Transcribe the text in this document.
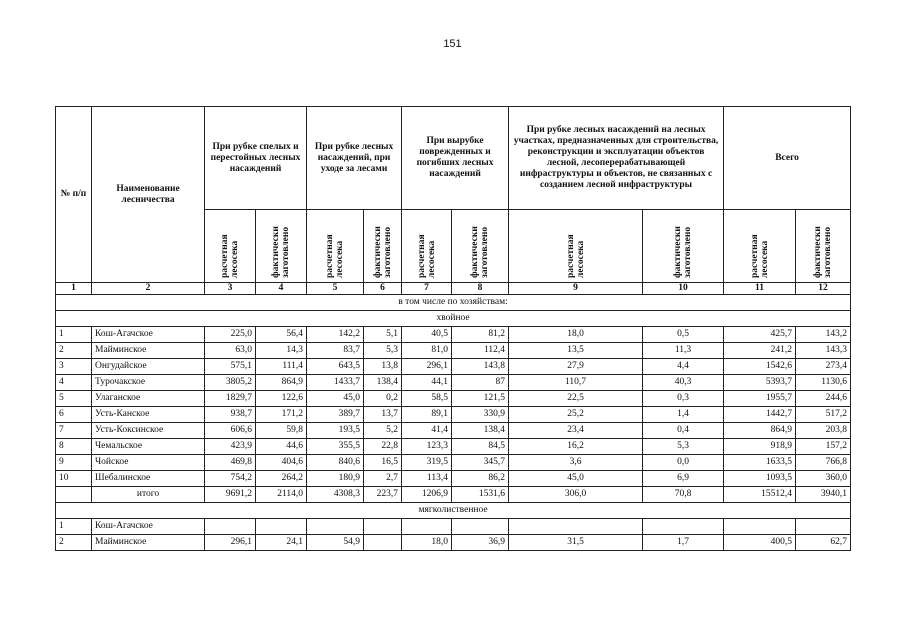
151
№ п/п	Наименование лесничества	При рубке спелых и перестойных лесных насаждений		При рубке лесных насаждений, при уходе за лесами		При вырубке поврежденных и погибших лесных насаждений		При рубке лесных насаждений на лесных участках, предназначенных для строительства, реконструкции и эксплуатации объектов лесной, лесоперерабатывающей инфраструктуры и объектов, не связанных с созданием лесной инфраструктуры		Всего	
		расчетная лесосека	фактически заготовлено	расчетная лесосека	фактически заготовлено	расчетная лесосека	фактически заготовлено	расчетная лесосека	фактически заготовлено	расчетная лесосека	фактически заготовлено
1	2	3	4	5	6	7	8	9	10	11	12
в том числе по хозяйствам:											
хвойное											
1	Кош-Агачское	225,0	56,4	142,2	5,1	40,5	81,2	18,0	0,5	425,7	143,2
2	Майминское	63,0	14,3	83,7	5,3	81,0	112,4	13,5	11,3	241,2	143,3
3	Онгудайское	575,1	111,4	643,5	13,8	296,1	143,8	27,9	4,4	1542,6	273,4
4	Турочакское	3805,2	864,9	1433,7	138,4	44,1	87	110,7	40,3	5393,7	1130,6
5	Улаганское	1829,7	122,6	45,0	0,2	58,5	121,5	22,5	0,3	1955,7	244,6
6	Усть-Канское	938,7	171,2	389,7	13,7	89,1	330,9	25,2	1,4	1442,7	517,2
7	Усть-Коксинское	606,6	59,8	193,5	5,2	41,4	138,4	23,4	0,4	864,9	203,8
8	Чемальское	423,9	44,6	355,5	22,8	123,3	84,5	16,2	5,3	918,9	157,2
9	Чойское	469,8	404,6	840,6	16,5	319,5	345,7	3,6	0,0	1633,5	766,8
10	Шебалинское	754,2	264,2	180,9	2,7	113,4	86,2	45,0	6,9	1093,5	360,0
	итого	9691,2	2114,0	4308,3	223,7	1206,9	1531,6	306,0	70,8	15512,4	3940,1
мягколиственное											
1	Кош-Агачское										
2	Майминское	296,1	24,1	54,9		18,0	36,9	31,5	1,7	400,5	62,7
